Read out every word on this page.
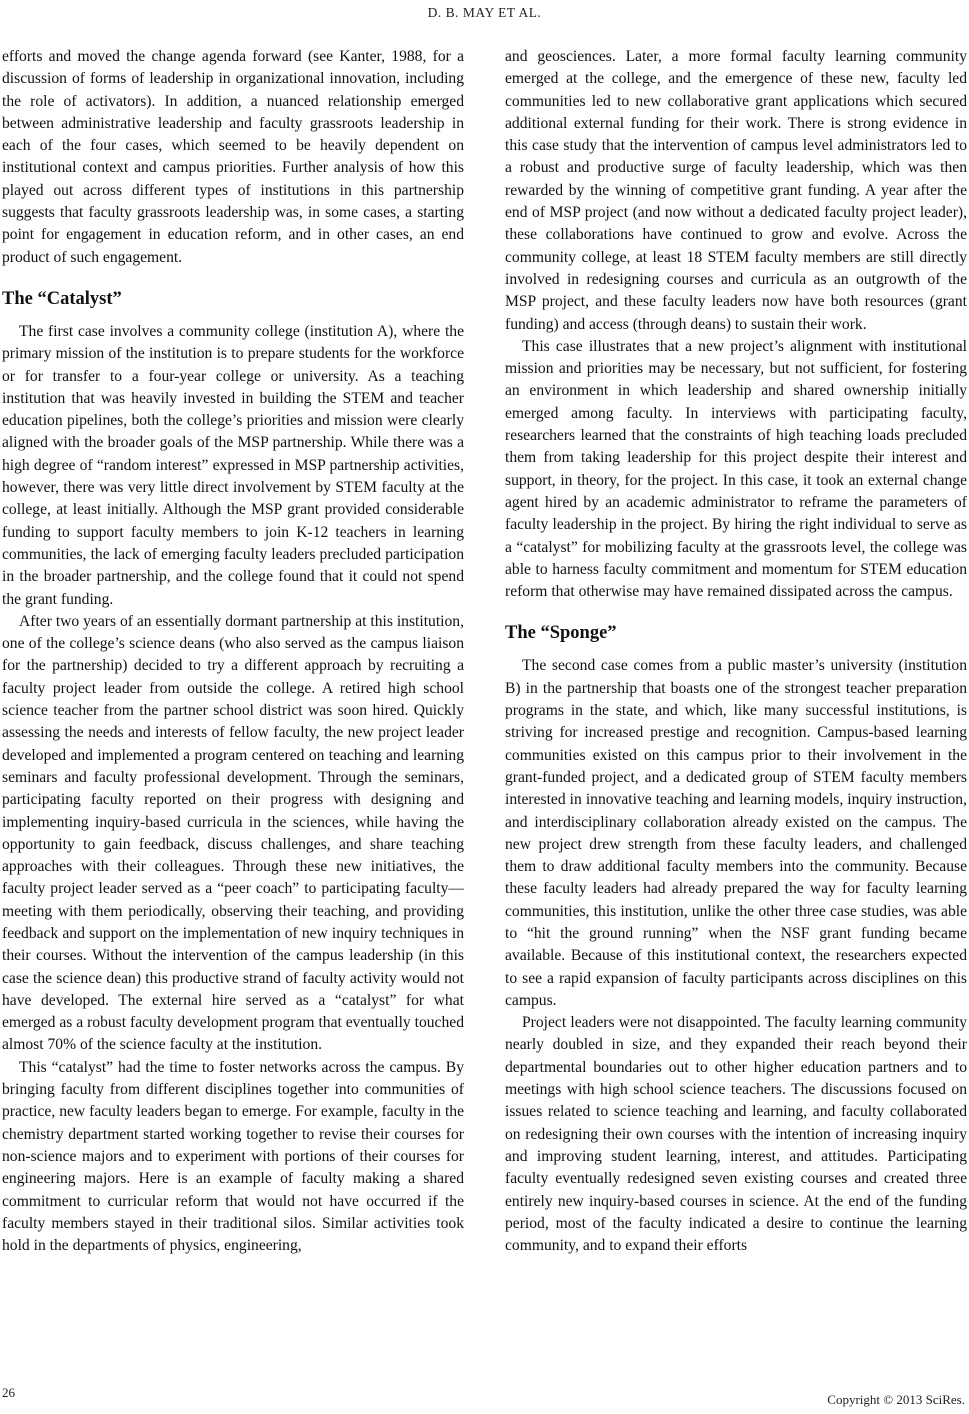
D. B. MAY ET AL.

efforts and moved the change agenda forward (see Kanter, 1988, for a discussion of forms of leadership in organizational innovation, including the role of activators). In addition, a nuanced relationship emerged between administrative leadership and faculty grassroots leadership in each of the four cases, which seemed to be heavily dependent on institutional context and campus priorities. Further analysis of how this played out across different types of institutions in this partnership suggests that faculty grassroots leadership was, in some cases, a starting point for engagement in education reform, and in other cases, an end product of such engagement.

The “Catalyst”

The first case involves a community college (institution A), where the primary mission of the institution is to prepare students for the workforce or for transfer to a four-year college or university. As a teaching institution that was heavily invested in building the STEM and teacher education pipelines, both the college’s priorities and mission were clearly aligned with the broader goals of the MSP partnership. While there was a high degree of “random interest” expressed in MSP partnership activities, however, there was very little direct involvement by STEM faculty at the college, at least initially. Although the MSP grant provided considerable funding to support faculty members to join K-12 teachers in learning communities, the lack of emerging faculty leaders precluded participation in the broader partnership, and the college found that it could not spend the grant funding.

After two years of an essentially dormant partnership at this institution, one of the college’s science deans (who also served as the campus liaison for the partnership) decided to try a different approach by recruiting a faculty project leader from outside the college. A retired high school science teacher from the partner school district was soon hired. Quickly assessing the needs and interests of fellow faculty, the new project leader developed and implemented a program centered on teaching and learning seminars and faculty professional development. Through the seminars, participating faculty reported on their progress with designing and implementing inquiry-based curricula in the sciences, while having the opportunity to gain feedback, discuss challenges, and share teaching approaches with their colleagues. Through these new initiatives, the faculty project leader served as a “peer coach” to participating faculty—meeting with them periodically, observing their teaching, and providing feedback and support on the implementation of new inquiry techniques in their courses. Without the intervention of the campus leadership (in this case the science dean) this productive strand of faculty activity would not have developed. The external hire served as a “catalyst” for what emerged as a robust faculty development program that eventually touched almost 70% of the science faculty at the institution.

This “catalyst” had the time to foster networks across the campus. By bringing faculty from different disciplines together into communities of practice, new faculty leaders began to emerge. For example, faculty in the chemistry department started working together to revise their courses for non-science majors and to experiment with portions of their courses for engineering majors. Here is an example of faculty making a shared commitment to curricular reform that would not have occurred if the faculty members stayed in their traditional silos. Similar activities took hold in the departments of physics, engineering,

and geosciences. Later, a more formal faculty learning community emerged at the college, and the emergence of these new, faculty led communities led to new collaborative grant applications which secured additional external funding for their work. There is strong evidence in this case study that the intervention of campus level administrators led to a robust and productive surge of faculty leadership, which was then rewarded by the winning of competitive grant funding. A year after the end of MSP project (and now without a dedicated faculty project leader), these collaborations have continued to grow and evolve. Across the community college, at least 18 STEM faculty members are still directly involved in redesigning courses and curricula as an outgrowth of the MSP project, and these faculty leaders now have both resources (grant funding) and access (through deans) to sustain their work.

This case illustrates that a new project’s alignment with institutional mission and priorities may be necessary, but not sufficient, for fostering an environment in which leadership and shared ownership initially emerged among faculty. In interviews with participating faculty, researchers learned that the constraints of high teaching loads precluded them from taking leadership for this project despite their interest and support, in theory, for the project. In this case, it took an external change agent hired by an academic administrator to reframe the parameters of faculty leadership in the project. By hiring the right individual to serve as a “catalyst” for mobilizing faculty at the grassroots level, the college was able to harness faculty commitment and momentum for STEM education reform that otherwise may have remained dissipated across the campus.

The “Sponge”

The second case comes from a public master’s university (institution B) in the partnership that boasts one of the strongest teacher preparation programs in the state, and which, like many successful institutions, is striving for increased prestige and recognition. Campus-based learning communities existed on this campus prior to their involvement in the grant-funded project, and a dedicated group of STEM faculty members interested in innovative teaching and learning models, inquiry instruction, and interdisciplinary collaboration already existed on the campus. The new project drew strength from these faculty leaders, and challenged them to draw additional faculty members into the community. Because these faculty leaders had already prepared the way for faculty learning communities, this institution, unlike the other three case studies, was able to “hit the ground running” when the NSF grant funding became available. Because of this institutional context, the researchers expected to see a rapid expansion of faculty participants across disciplines on this campus.

Project leaders were not disappointed. The faculty learning community nearly doubled in size, and they expanded their reach beyond their departmental boundaries out to other higher education partners and to meetings with high school science teachers. The discussions focused on issues related to science teaching and learning, and faculty collaborated on redesigning their own courses with the intention of increasing inquiry and improving student learning, interest, and attitudes. Participating faculty eventually redesigned seven existing courses and created three entirely new inquiry-based courses in science. At the end of the funding period, most of the faculty indicated a desire to continue the learning community, and to expand their efforts

26	Copyright © 2013 SciRes.
